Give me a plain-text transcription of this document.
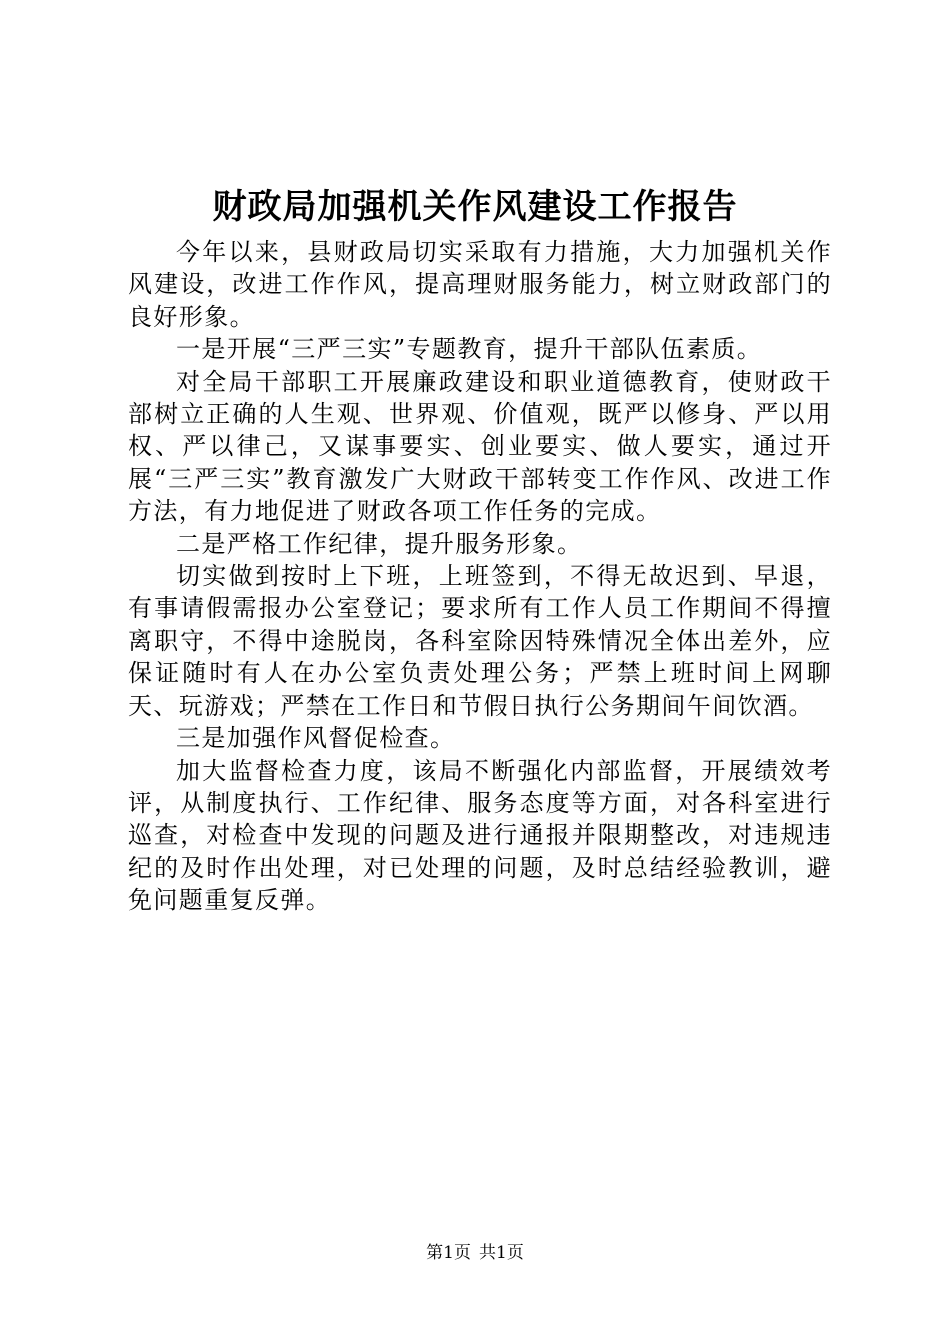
财政局加强机关作风建设工作报告

今年以来，县财政局切实采取有力措施，大力加强机关作风建设，改进工作作风，提高理财服务能力，树立财政部门的良好形象。

一是开展“三严三实”专题教育，提升干部队伍素质。

对全局干部职工开展廉政建设和职业道德教育，使财政干部树立正确的人生观、世界观、价值观，既严以修身、严以用权、严以律己，又谋事要实、创业要实、做人要实，通过开展“三严三实”教育激发广大财政干部转变工作作风、改进工作方法，有力地促进了财政各项工作任务的完成。

二是严格工作纪律，提升服务形象。

切实做到按时上下班，上班签到，不得无故迟到、早退，有事请假需报办公室登记；要求所有工作人员工作期间不得擅离职守，不得中途脱岗，各科室除因特殊情况全体出差外，应保证随时有人在办公室负责处理公务；严禁上班时间上网聊天、玩游戏；严禁在工作日和节假日执行公务期间午间饮酒。

三是加强作风督促检查。

加大监督检查力度，该局不断强化内部监督，开展绩效考评，从制度执行、工作纪律、服务态度等方面，对各科室进行巡查，对检查中发现的问题及进行通报并限期整改，对违规违纪的及时作出处理，对已处理的问题，及时总结经验教训，避免问题重复反弹。

第1页 共1页
